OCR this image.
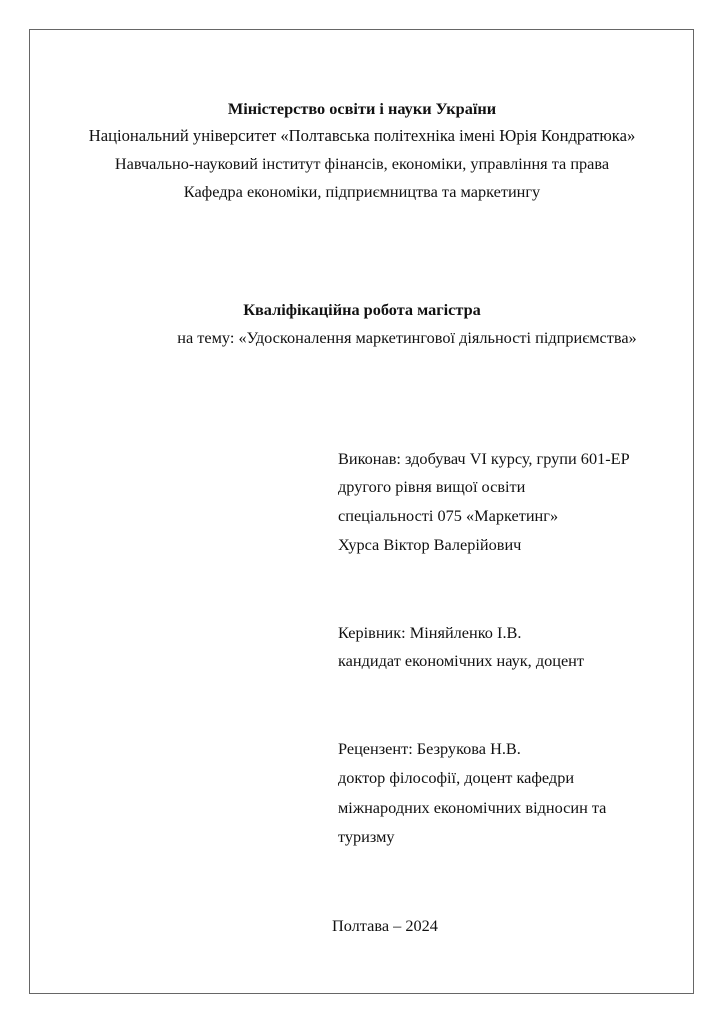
Міністерство освіти і науки України
Національний університет «Полтавська політехніка імені Юрія Кондратюка»
Навчально-науковий інститут фінансів, економіки, управління та права
Кафедра економіки, підприємництва та маркетингу
Кваліфікаційна робота магістра
на тему: «Удосконалення маркетингової діяльності підприємства»
Виконав: здобувач VI курсу, групи 601-ЕР
другого рівня вищої освіти
спеціальності 075 «Маркетинг»
Хурса Віктор Валерійович
Керівник: Міняйленко І.В.
кандидат економічних наук, доцент
Рецензент: Безрукова Н.В.
доктор філософії, доцент кафедри
міжнародних економічних відносин та
туризму
Полтава – 2024
